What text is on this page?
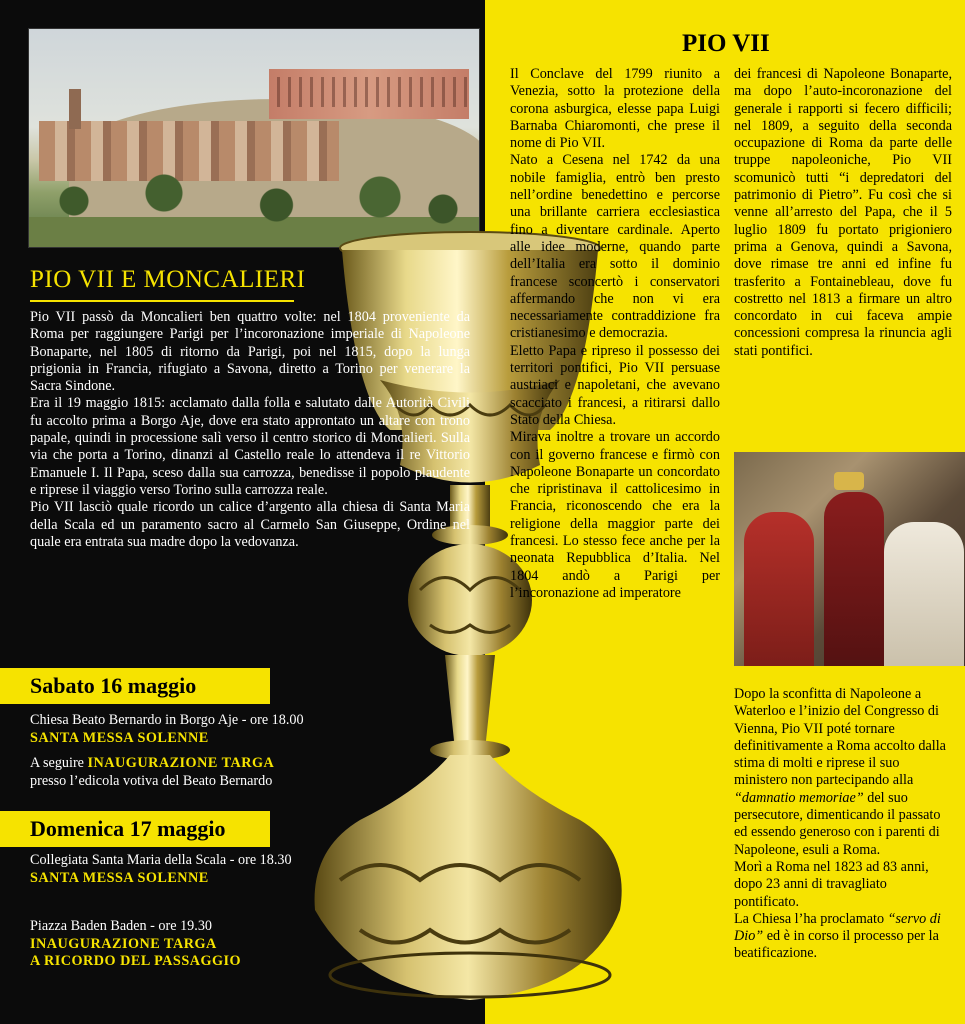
PIO VII E MONCALIERI

Pio VII passò da Moncalieri ben quattro volte: nel 1804 proveniente da Roma per raggiungere Parigi per l’incoronazione imperiale di Napoleone Bonaparte, nel 1805 di ritorno da Parigi, poi nel 1815, dopo la lunga prigionia in Francia, rifugiato a Savona, diretto a Torino per venerare la Sacra Sindone.

Era il 19 maggio 1815: acclamato dalla folla e salutato dalle Autorità Civili fu accolto prima a Borgo Aje, dove era stato approntato un altare con trono papale, quindi in processione salì verso il centro storico di Moncalieri. Sulla via che porta a Torino, dinanzi al Castello reale lo attendeva il re Vittorio Emanuele I. Il Papa, sceso dalla sua carrozza, benedisse il popolo plaudente e riprese il viaggio verso Torino sulla carrozza reale.

Pio VII lasciò quale ricordo un calice d’argento alla chiesa di Santa Maria della Scala ed un paramento sacro al Carmelo San Giuseppe, Ordine nel quale era entrata sua madre dopo la vedovanza.

Sabato 16 maggio
Chiesa Beato Bernardo in Borgo Aje - ore 18.00
SANTA MESSA SOLENNE
A seguire INAUGURAZIONE TARGA
presso l’edicola votiva del Beato Bernardo
Domenica 17 maggio
Collegiata Santa Maria della Scala - ore 18.30
SANTA MESSA SOLENNE
Piazza Baden Baden - ore 19.30
INAUGURAZIONE TARGA
A RICORDO DEL PASSAGGIO
PIO VII

Il Conclave del 1799 riunito a Venezia, sotto la protezione della corona asburgica, elesse papa Luigi Barnaba Chiaromonti, che prese il nome di Pio VII.

Nato a Cesena nel 1742 da una nobile famiglia, entrò ben presto nell’ordine benedettino e percorse una brillante carriera ecclesiastica fino a diventare cardinale. Aperto alle idee moderne, quando parte dell’Italia era sotto il dominio francese sconcertò i conservatori affermando che non vi era necessariamente contraddizione fra cristianesimo e democrazia.

Eletto Papa e ripreso il possesso dei territori pontifici, Pio VII persuase austriaci e napoletani, che avevano scacciato i francesi, a ritirarsi dallo Stato della Chiesa.

Mirava inoltre a trovare un accordo con il governo francese e firmò con Napoleone Bonaparte un concordato che ripristinava il cattolicesimo in Francia, riconoscendo che era la religione della maggior parte dei francesi. Lo stesso fece anche per la neonata Repubblica d’Italia. Nel 1804 andò a Parigi per l’incoronazione ad imperatore

dei francesi di Napoleone Bonaparte, ma dopo l’auto-incoronazione del generale i rapporti si fecero difficili; nel 1809, a seguito della seconda occupazione di Roma da parte delle truppe napoleoniche, Pio VII scomunicò tutti “i depredatori del patrimonio di Pietro”. Fu così che si venne all’arresto del Papa, che il 5 luglio 1809 fu portato prigioniero prima a Genova, quindi a Savona, dove rimase tre anni ed infine fu trasferito a Fontainebleau, dove fu costretto nel 1813 a firmare un altro concordato in cui faceva ampie concessioni compresa la rinuncia agli stati pontifici.

Dopo la sconfitta di Napoleone a Waterloo e l’inizio del Congresso di Vienna, Pio VII poté tornare definitivamente a Roma accolto dalla stima di molti e riprese il suo ministero non partecipando alla “damnatio memoriae” del suo persecutore, dimenticando il passato ed essendo generoso con i parenti di Napoleone, esuli a Roma.

Morì a Roma nel 1823 ad 83 anni, dopo 23 anni di travagliato pontificato.

La Chiesa l’ha proclamato “servo di Dio” ed è in corso il processo per la beatificazione.
